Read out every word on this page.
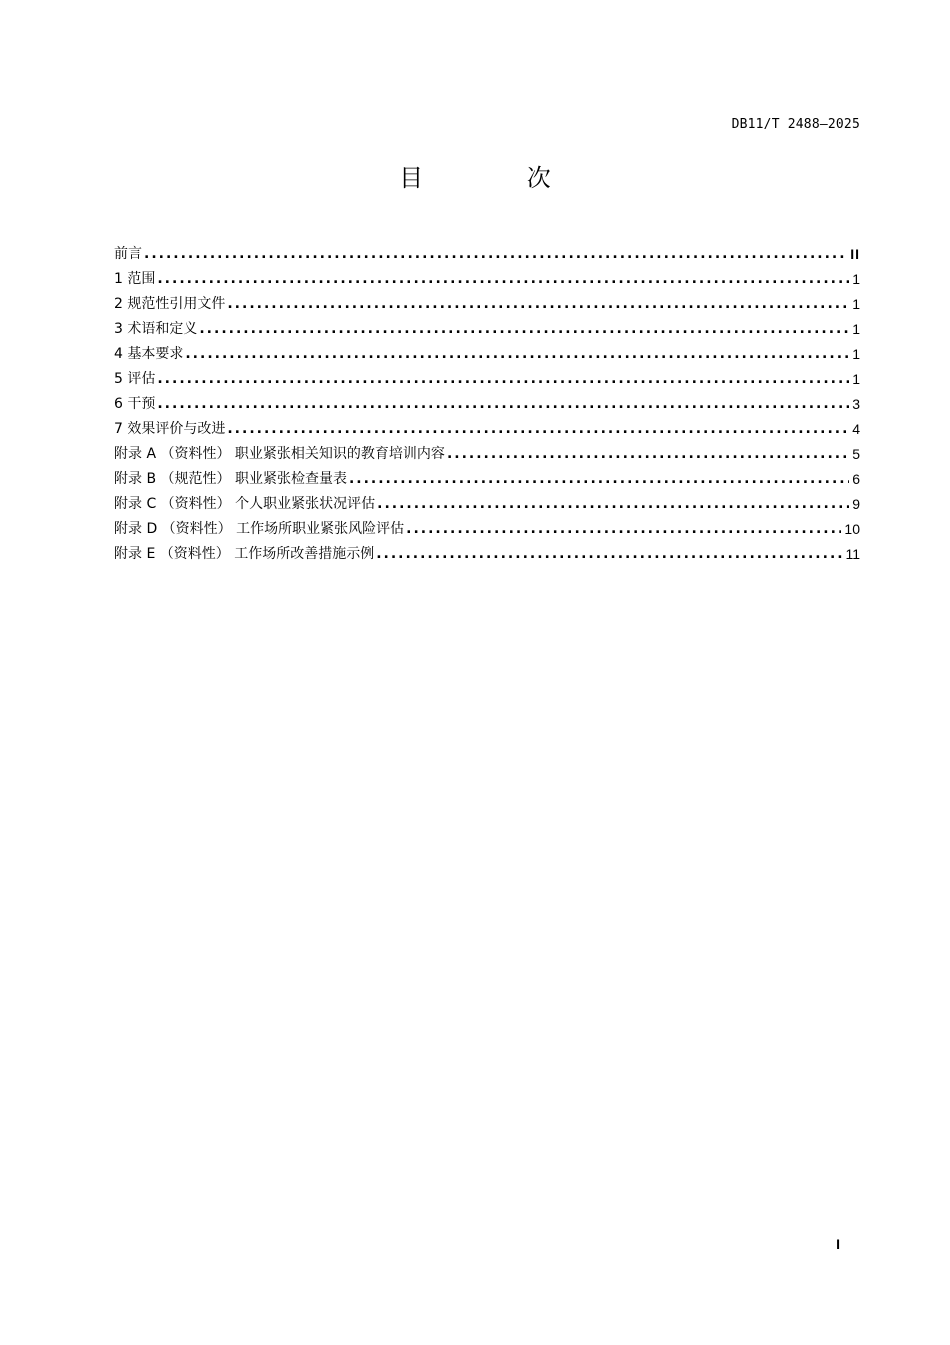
DB11/T 2488—2025
目 次
前言 .....	II
1 范围 .....	1
2 规范性引用文件 .....	1
3 术语和定义 .....	1
4 基本要求 .....	1
5 评估 .....	1
6 干预 .....	3
7 效果评价与改进 .....	4
附录 A （资料性） 职业紧张相关知识的教育培训内容 .....	5
附录 B （规范性） 职业紧张检查量表 .....	6
附录 C （资料性） 个人职业紧张状况评估 .....	9
附录 D （资料性） 工作场所职业紧张风险评估 .....	10
附录 E （资料性） 工作场所改善措施示例 .....	11
I
